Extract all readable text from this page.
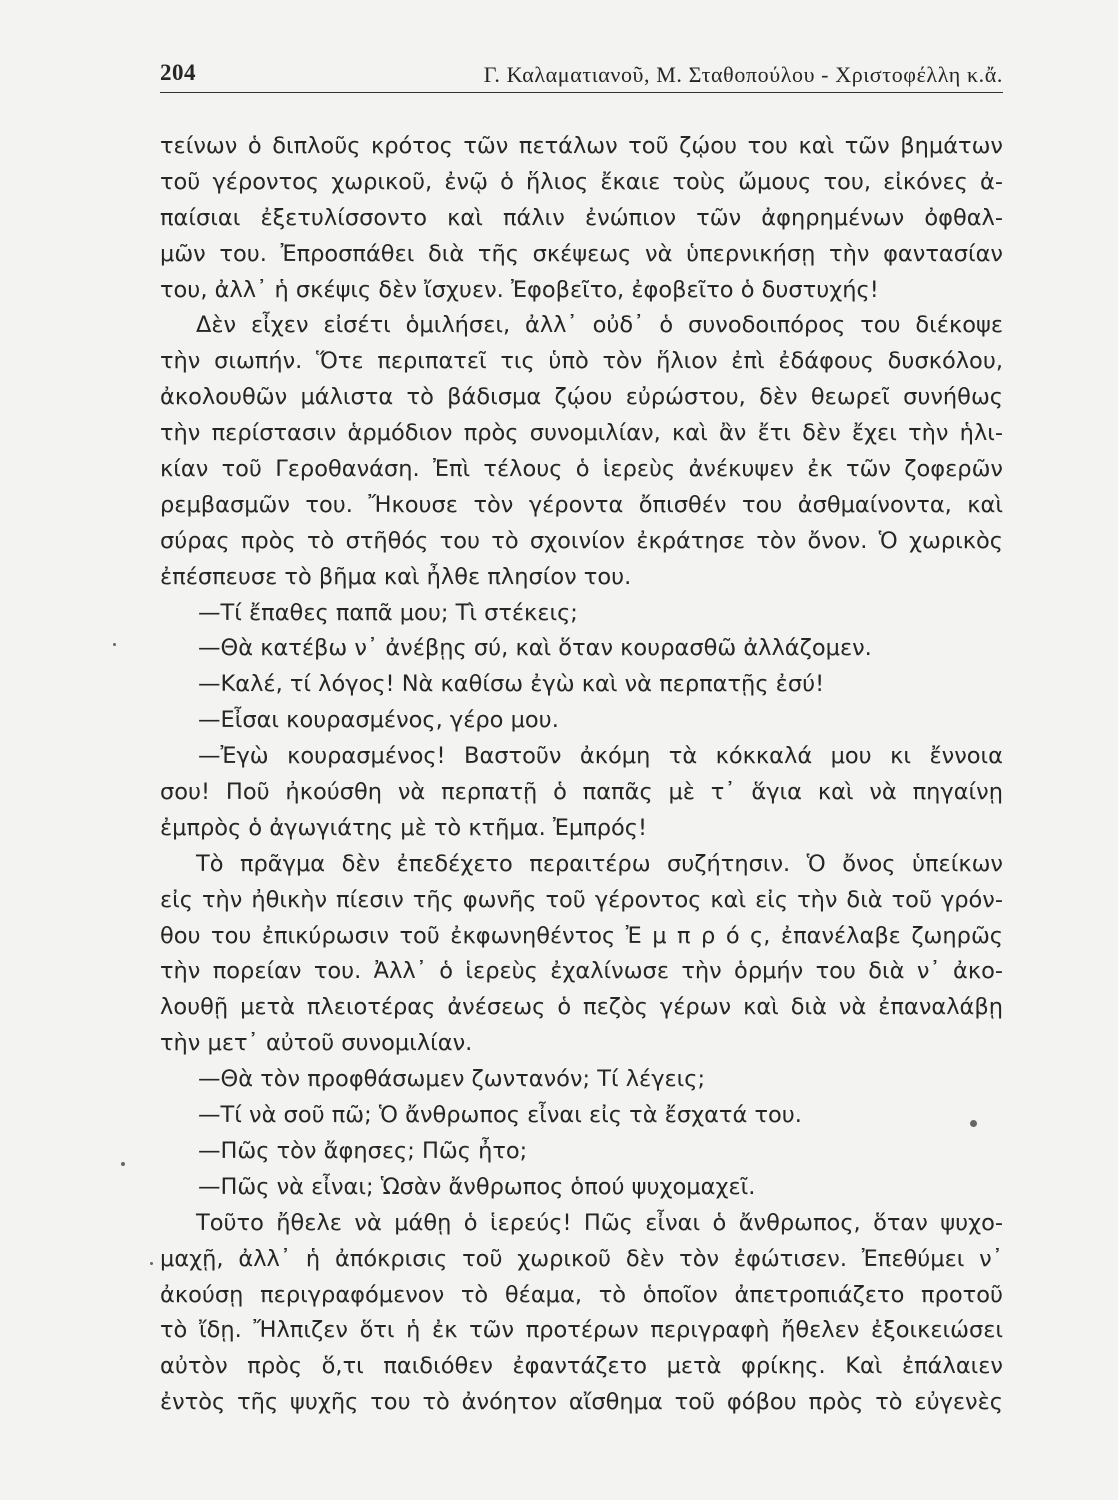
204	Γ. Καλαματιανοῦ, Μ. Σταθοπούλου - Χριστοφέλλη κ.ἄ.
τείνων ὁ διπλοῦς κρότος τῶν πετάλων τοῦ ζῴου του καὶ τῶν βημάτων
τοῦ γέροντος χωρικοῦ, ἐνῷ ὁ ἥλιος ἔκαιε τοὺς ὤμους του, εἰκόνες ἀ-
παίσιαι ἐξετυλίσσοντο καὶ πάλιν ἐνώπιον τῶν ἀφηρημένων ὀφθαλ-
μῶν του. Ἐπροσπάθει διὰ τῆς σκέψεως νὰ ὑπερνικήσῃ τὴν φαντασίαν
του, ἀλλ᾽ ἡ σκέψις δὲν ἴσχυεν. Ἐφοβεῖτο, ἐφοβεῖτο ὁ δυστυχής!
Δὲν εἶχεν εἰσέτι ὁμιλήσει, ἀλλ᾽ οὐδ᾽ ὁ συνοδοιπόρος του διέκοψε
τὴν σιωπήν. Ὅτε περιπατεῖ τις ὑπὸ τὸν ἥλιον ἐπὶ ἐδάφους δυσκόλου,
ἀκολουθῶν μάλιστα τὸ βάδισμα ζῴου εὐρώστου, δὲν θεωρεῖ συνήθως
τὴν περίστασιν ἁρμόδιον πρὸς συνομιλίαν, καὶ ἂν ἔτι δὲν ἔχει τὴν ἡλι-
κίαν τοῦ Γεροθανάση. Ἐπὶ τέλους ὁ ἱερεὺς ἀνέκυψεν ἐκ τῶν ζοφερῶν
ρεμβασμῶν του. Ἤκουσε τὸν γέροντα ὄπισθέν του ἀσθμαίνοντα, καὶ
σύρας πρὸς τὸ στῆθός του τὸ σχοινίον ἐκράτησε τὸν ὄνον. Ὁ χωρικὸς
ἐπέσπευσε τὸ βῆμα καὶ ἦλθε πλησίον του.
—Τί ἔπαθες παπᾶ μου; Τὶ στέκεις;
—Θὰ κατέβω ν᾽ ἀνέβῃς σύ, καὶ ὅταν κουρασθῶ ἀλλάζομεν.
—Καλέ, τί λόγος! Νὰ καθίσω ἐγὼ καὶ νὰ περπατῇς ἐσύ!
—Εἶσαι κουρασμένος, γέρο μου.
—Ἐγὼ κουρασμένος! Βαστοῦν ἀκόμη τὰ κόκκαλά μου κι ἔννοια
σου! Ποῦ ἠκούσθη νὰ περπατῇ ὁ παπᾶς μὲ τ᾽ ἅγια καὶ νὰ πηγαίνῃ
ἐμπρὸς ὁ ἀγωγιάτης μὲ τὸ κτῆμα. Ἐμπρός!
Τὸ πρᾶγμα δὲν ἐπεδέχετο περαιτέρω συζήτησιν. Ὁ ὄνος ὑπείκων
εἰς τὴν ἠθικὴν πίεσιν τῆς φωνῆς τοῦ γέροντος καὶ εἰς τὴν διὰ τοῦ γρόν-
θου του ἐπικύρωσιν τοῦ ἐκφωνηθέντος Ἐ μ π ρ ό ς, ἐπανέλαβε ζωηρῶς
τὴν πορείαν του. Ἀλλ᾽ ὁ ἱερεὺς ἐχαλίνωσε τὴν ὁρμήν του διὰ ν᾽ ἀκο-
λουθῇ μετὰ πλειοτέρας ἀνέσεως ὁ πεζὸς γέρων καὶ διὰ νὰ ἐπαναλάβῃ
τὴν μετ᾽ αὐτοῦ συνομιλίαν.
—Θὰ τὸν προφθάσωμεν ζωντανόν; Τί λέγεις;
—Τί νὰ σοῦ πῶ; Ὁ ἄνθρωπος εἶναι εἰς τὰ ἔσχατά του.
—Πῶς τὸν ἄφησες; Πῶς ἦτο;
—Πῶς νὰ εἶναι; Ὡσὰν ἄνθρωπος ὁπού ψυχομαχεῖ.
Τοῦτο ἤθελε νὰ μάθῃ ὁ ἱερεύς! Πῶς εἶναι ὁ ἄνθρωπος, ὅταν ψυχο-
μαχῇ, ἀλλ᾽ ἡ ἀπόκρισις τοῦ χωρικοῦ δὲν τὸν ἐφώτισεν. Ἐπεθύμει ν᾽
ἀκούσῃ περιγραφόμενον τὸ θέαμα, τὸ ὁποῖον ἀπετροπιάζετο προτοῦ
τὸ ἴδῃ. Ἤλπιζεν ὅτι ἡ ἐκ τῶν προτέρων περιγραφὴ ἤθελεν ἐξοικειώσει
αὐτὸν πρὸς ὅ,τι παιδιόθεν ἐφαντάζετο μετὰ φρίκης. Καὶ ἐπάλαιεν
ἐντὸς τῆς ψυχῆς του τὸ ἀνόητον αἴσθημα τοῦ φόβου πρὸς τὸ εὐγενὲς
